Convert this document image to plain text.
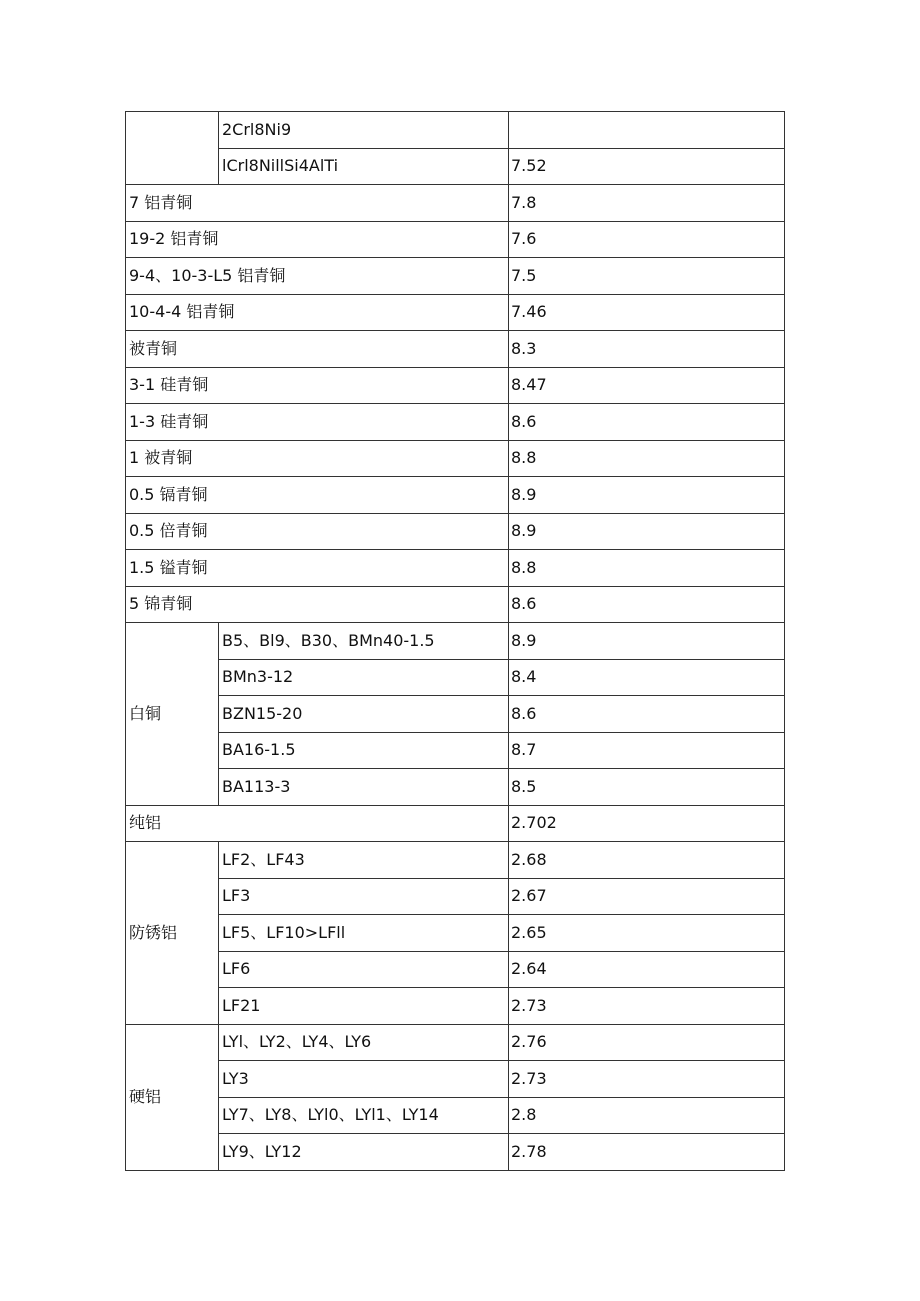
	2Crl8Ni9	
	lCrl8NillSi4AlTi	7.52
7 铝青铜		7.8
19-2 铝青铜		7.6
9-4、10-3-L5 铝青铜		7.5
10-4-4 铝青铜		7.46
被青铜		8.3
3-1 硅青铜		8.47
1-3 硅青铜		8.6
1 被青铜		8.8
0.5 镉青铜		8.9
0.5 倍青铜		8.9
1.5 镒青铜		8.8
5 锦青铜		8.6
白铜	B5、Bl9、B30、BMn40-1.5	8.9
	BMn3-12	8.4
	BZN15-20	8.6
	BA16-1.5	8.7
	BA113-3	8.5
纯铝		2.702
防锈铝	LF2、LF43	2.68
	LF3	2.67
	LF5、LF10>LFll	2.65
	LF6	2.64
	LF21	2.73
硬铝	LYl、LY2、LY4、LY6	2.76
	LY3	2.73
	LY7、LY8、LYl0、LYl1、LY14	2.8
	LY9、LY12	2.78
